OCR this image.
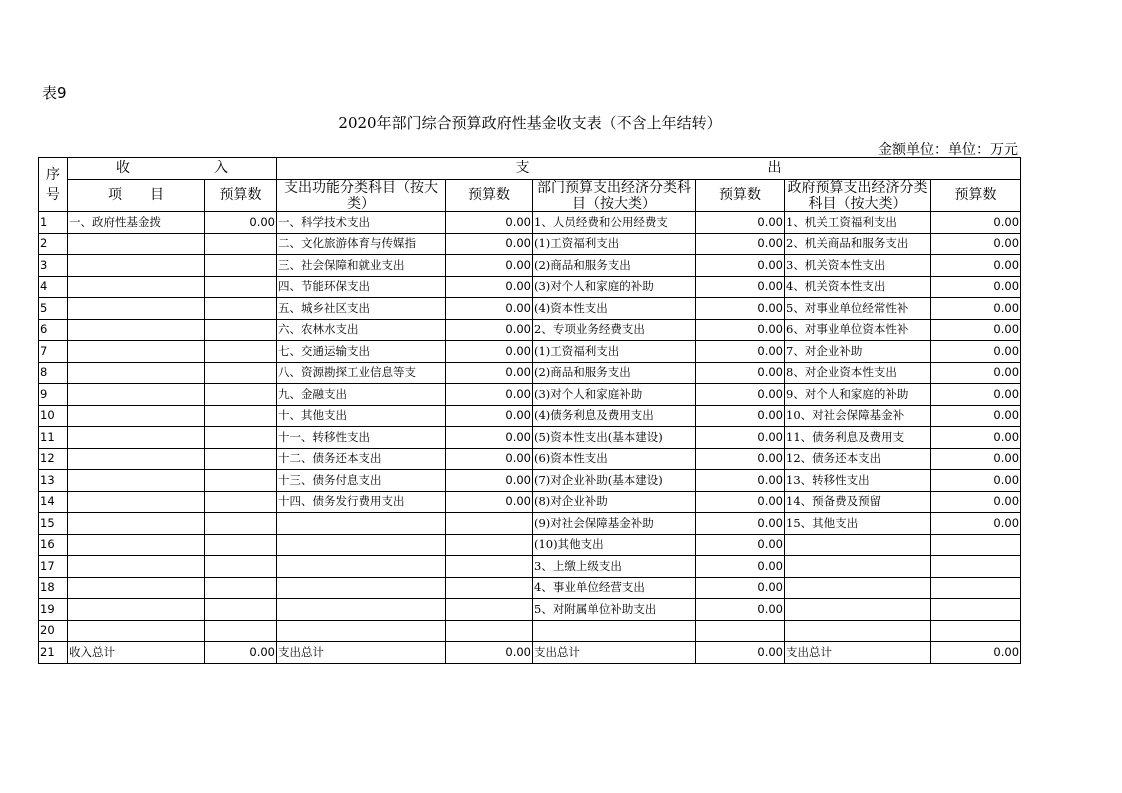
表9
2020年部门综合预算政府性基金收支表（不含上年结转）
金额单位：单位：万元
序号	收　　　　　　入		支　　　　　　　　　　　　　　　　　出					
	项　　目	预算数	支出功能分类科目（按大类）	预算数	部门预算支出经济分类科目（按大类）	预算数	政府预算支出经济分类科目（按大类）	预算数
1	一、政府性基金拨	0.00	一、科学技术支出	0.00	1、人员经费和公用经费支	0.00	1、机关工资福利支出	0.00
2			二、文化旅游体育与传媒指	0.00	(1)工资福利支出	0.00	2、机关商品和服务支出	0.00
3			三、社会保障和就业支出	0.00	(2)商品和服务支出	0.00	3、机关资本性支出	0.00
4			四、节能环保支出	0.00	(3)对个人和家庭的补助	0.00	4、机关资本性支出	0.00
5			五、城乡社区支出	0.00	(4)资本性支出	0.00	5、对事业单位经常性补	0.00
6			六、农林水支出	0.00	2、专项业务经费支出	0.00	6、对事业单位资本性补	0.00
7			七、交通运输支出	0.00	(1)工资福利支出	0.00	7、对企业补助	0.00
8			八、资源勘探工业信息等支	0.00	(2)商品和服务支出	0.00	8、对企业资本性支出	0.00
9			九、金融支出	0.00	(3)对个人和家庭补助	0.00	9、对个人和家庭的补助	0.00
10			十、其他支出	0.00	(4)债务利息及费用支出	0.00	10、对社会保障基金补	0.00
11			十一、转移性支出	0.00	(5)资本性支出(基本建设)	0.00	11、债务利息及费用支	0.00
12			十二、债务还本支出	0.00	(6)资本性支出	0.00	12、债务还本支出	0.00
13			十三、债务付息支出	0.00	(7)对企业补助(基本建设)	0.00	13、转移性支出	0.00
14			十四、债务发行费用支出	0.00	(8)对企业补助	0.00	14、预备费及预留	0.00
15					(9)对社会保障基金补助	0.00	15、其他支出	0.00
16					(10)其他支出	0.00		
17					3、上缴上级支出	0.00		
18					4、事业单位经营支出	0.00		
19					5、对附属单位补助支出	0.00		
20								
21	收入总计	0.00	支出总计	0.00	支出总计	0.00	支出总计	0.00
